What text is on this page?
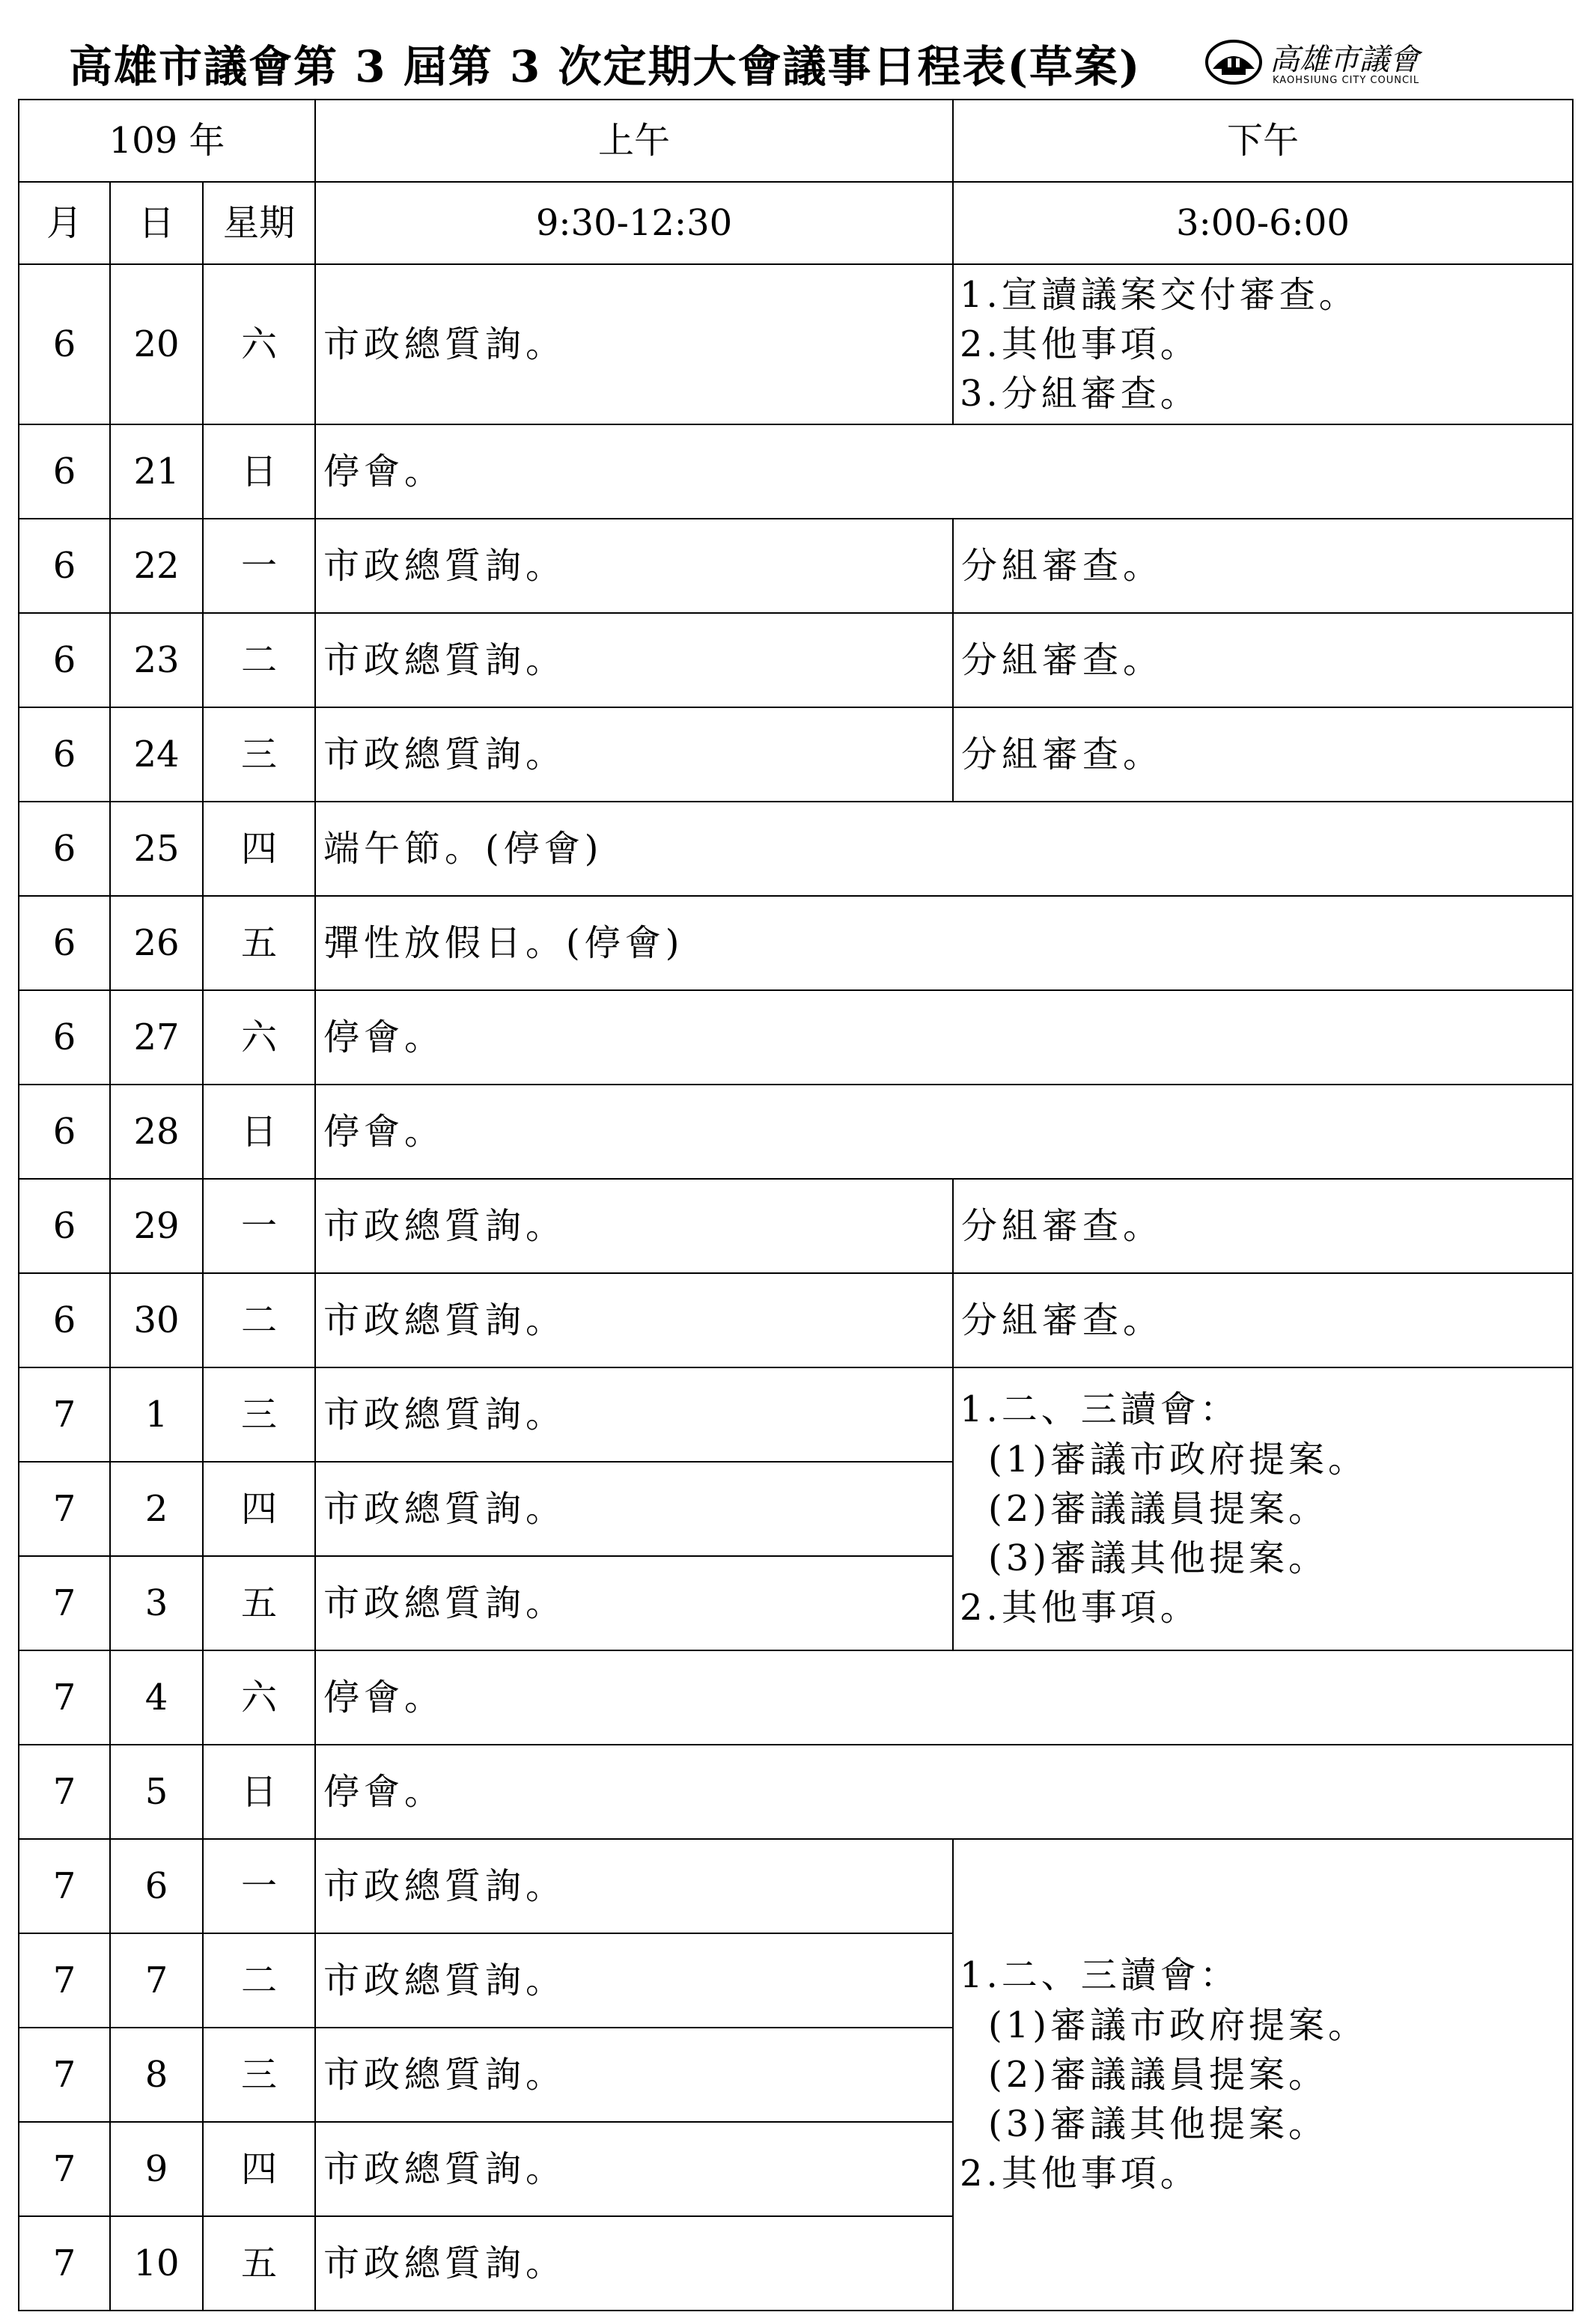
高雄市議會第 3 屆第 3 次定期大會議事日程表(草案)	高雄市議會
KAOHSIUNG CITY COUNCIL
109 年			上午	下午
月	日	星期	9:30-12:30	3:00-6:00
6	20	六	市政總質詢。	1.宣讀議案交付審查。
2.其他事項。
3.分組審查。

6	21	日	停會。	
6	22	一	市政總質詢。	分組審查。
6	23	二	市政總質詢。	分組審查。
6	24	三	市政總質詢。	分組審查。
6	25	四	端午節。(停會)	
6	26	五	彈性放假日。(停會)	
6	27	六	停會。	
6	28	日	停會。	
6	29	一	市政總質詢。	分組審查。
6	30	二	市政總質詢。	分組審查。
7	1	三	市政總質詢。	1.二、三讀會：
(1)審議市政府提案。
(2)審議議員提案。
(3)審議其他提案。
2.其他事項。

7	2	四	市政總質詢。	
7	3	五	市政總質詢。	
7	4	六	停會。	
7	5	日	停會。	
7	6	一	市政總質詢。	1.二、三讀會：
(1)審議市政府提案。
(2)審議議員提案。
(3)審議其他提案。
2.其他事項。

7	7	二	市政總質詢。	
7	8	三	市政總質詢。	
7	9	四	市政總質詢。	
7	10	五	市政總質詢。	
